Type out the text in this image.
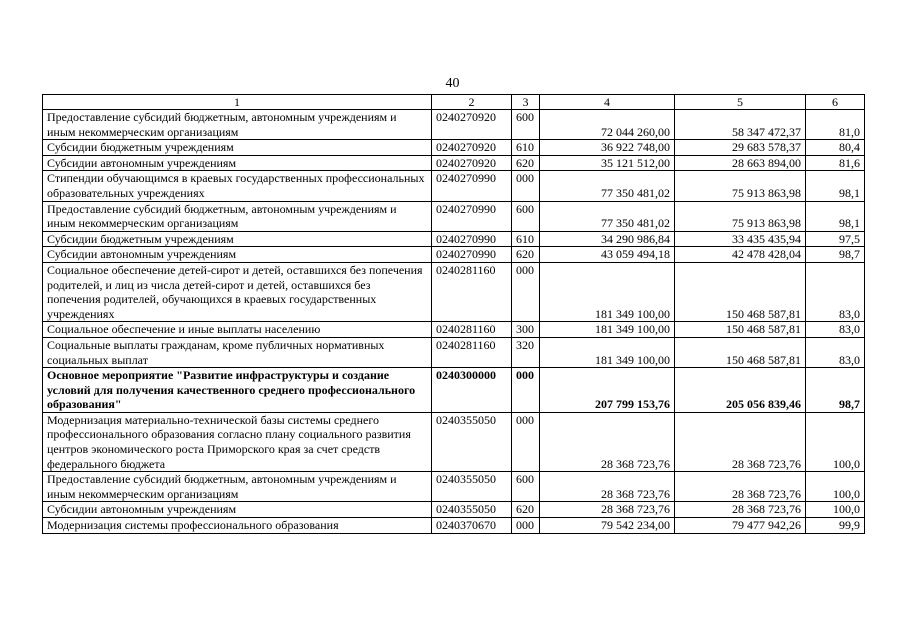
40
1	2	3	4	5	6
Предоставление субсидий бюджетным, автономным учреждениям и иным некоммерческим организациям	0240270920	600	72 044 260,00	58 347 472,37	81,0
Субсидии бюджетным учреждениям	0240270920	610	36 922 748,00	29 683 578,37	80,4
Субсидии автономным учреждениям	0240270920	620	35 121 512,00	28 663 894,00	81,6
Стипендии обучающимся в краевых государственных профессиональных образовательных учреждениях	0240270990	000	77 350 481,02	75 913 863,98	98,1
Предоставление субсидий бюджетным, автономным учреждениям и иным некоммерческим организациям	0240270990	600	77 350 481,02	75 913 863,98	98,1
Субсидии бюджетным учреждениям	0240270990	610	34 290 986,84	33 435 435,94	97,5
Субсидии автономным учреждениям	0240270990	620	43 059 494,18	42 478 428,04	98,7
Социальное обеспечение детей-сирот и детей, оставшихся без попечения родителей, и лиц из числа детей-сирот и детей, оставшихся без попечения родителей, обучающихся в краевых государственных учреждениях	0240281160	000	181 349 100,00	150 468 587,81	83,0
Социальное обеспечение и иные выплаты населению	0240281160	300	181 349 100,00	150 468 587,81	83,0
Социальные выплаты гражданам, кроме публичных нормативных социальных выплат	0240281160	320	181 349 100,00	150 468 587,81	83,0
Основное мероприятие "Развитие инфраструктуры и создание условий для получения качественного среднего профессионального образования"	0240300000	000	207 799 153,76	205 056 839,46	98,7
Модернизация материально-технической базы системы среднего профессионального образования согласно плану социального развития центров экономического роста Приморского края за счет средств федерального бюджета	0240355050	000	28 368 723,76	28 368 723,76	100,0
Предоставление субсидий бюджетным, автономным учреждениям и иным некоммерческим организациям	0240355050	600	28 368 723,76	28 368 723,76	100,0
Субсидии автономным учреждениям	0240355050	620	28 368 723,76	28 368 723,76	100,0
Модернизация системы профессионального образования	0240370670	000	79 542 234,00	79 477 942,26	99,9
